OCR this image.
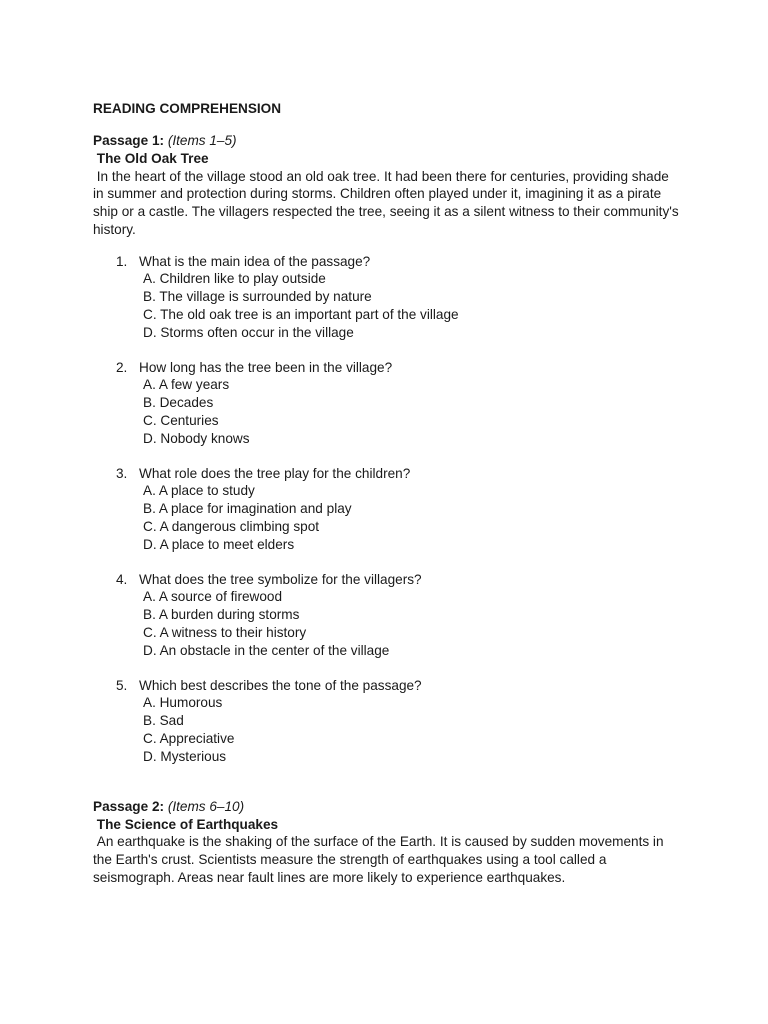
READING COMPREHENSION

Passage 1: (Items 1–5)

The Old Oak Tree

In the heart of the village stood an old oak tree. It had been there for centuries, providing shade in summer and protection during storms. Children often played under it, imagining it as a pirate ship or a castle. The villagers respected the tree, seeing it as a silent witness to their community's history.

1. What is the main idea of the passage?
A. Children like to play outside
B. The village is surrounded by nature
C. The old oak tree is an important part of the village
D. Storms often occur in the village
2. How long has the tree been in the village?
A. A few years
B. Decades
C. Centuries
D. Nobody knows
3. What role does the tree play for the children?
A. A place to study
B. A place for imagination and play
C. A dangerous climbing spot
D. A place to meet elders
4. What does the tree symbolize for the villagers?
A. A source of firewood
B. A burden during storms
C. A witness to their history
D. An obstacle in the center of the village
5. Which best describes the tone of the passage?
A. Humorous
B. Sad
C. Appreciative
D. Mysterious

Passage 2: (Items 6–10)

The Science of Earthquakes

An earthquake is the shaking of the surface of the Earth. It is caused by sudden movements in the Earth's crust. Scientists measure the strength of earthquakes using a tool called a seismograph. Areas near fault lines are more likely to experience earthquakes.
